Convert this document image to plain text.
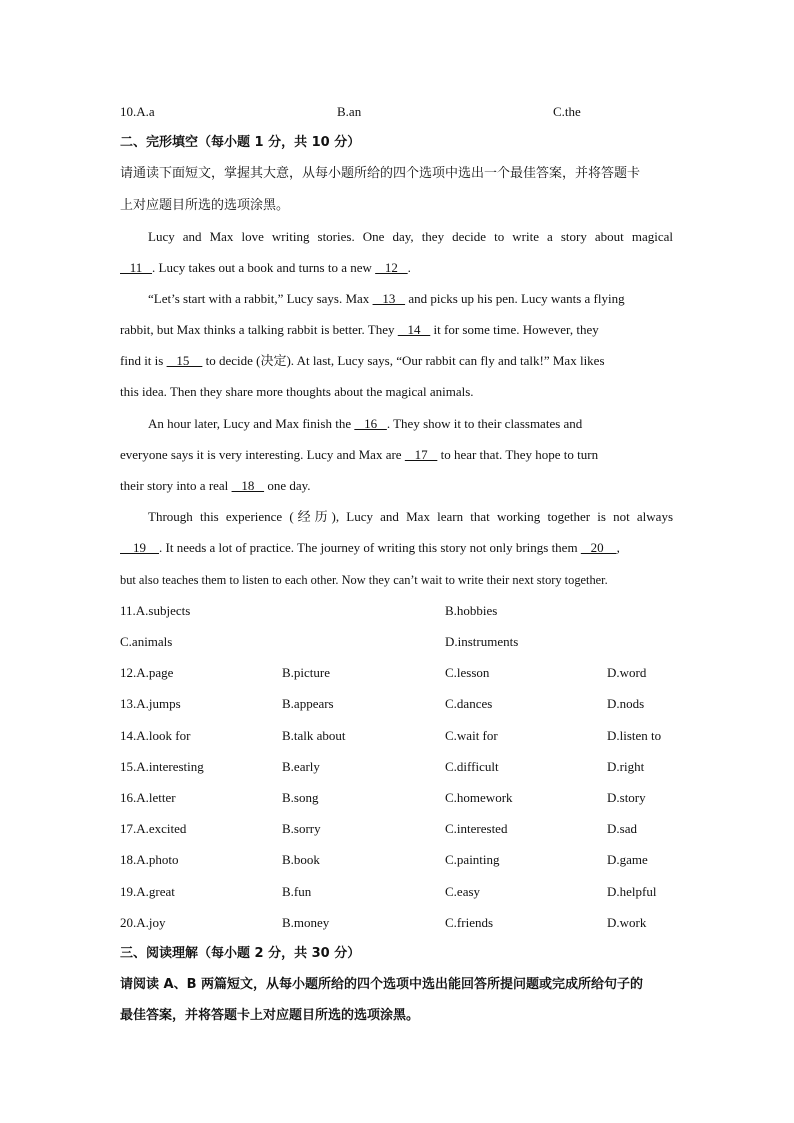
10.A.a	B.an	C.the
二、完形填空（每小题 1 分，共 10 分）
请通读下面短文，掌握其大意，从每小题所给的四个选项中选出一个最佳答案，并将答题卡
上对应题目所选的选项涂黑。
Lucy and Max love writing stories. One day, they decide to write a story about magical
11   . Lucy takes out a book and turns to a new    12   .
“Let’s start with a rabbit,” Lucy says. Max    13    and picks up his pen. Lucy wants a flying
rabbit, but Max thinks a talking rabbit is better. They    14    it for some time. However, they
find it is    15     to decide (决定). At last, Lucy says, “Our rabbit can fly and talk!” Max likes
this idea. Then they share more thoughts about the magical animals.
An hour later, Lucy and Max finish the    16   . They show it to their classmates and
everyone says it is very interesting. Lucy and Max are    17    to hear that. They hope to turn
their story into a real    18    one day.
Through this experience (经历), Lucy and Max learn that working together is not always
19    . It needs a lot of practice. The journey of writing this story not only brings them    20    ,
but also teaches them to listen to each other. Now they can’t wait to write their next story together.
11.A.subjects	B.hobbies
C.animals	D.instruments
12.A.page	B.picture	C.lesson	D.word
13.A.jumps	B.appears	C.dances	D.nods
14.A.look for	B.talk about	C.wait for	D.listen to
15.A.interesting	B.early	C.difficult	D.right
16.A.letter	B.song	C.homework	D.story
17.A.excited	B.sorry	C.interested	D.sad
18.A.photo	B.book	C.painting	D.game
19.A.great	B.fun	C.easy	D.helpful
20.A.joy	B.money	C.friends	D.work
三、阅读理解（每小题 2 分，共 30 分）
请阅读 A、B 两篇短文，从每小题所给的四个选项中选出能回答所提问题或完成所给句子的
最佳答案，并将答题卡上对应题目所选的选项涂黑。
